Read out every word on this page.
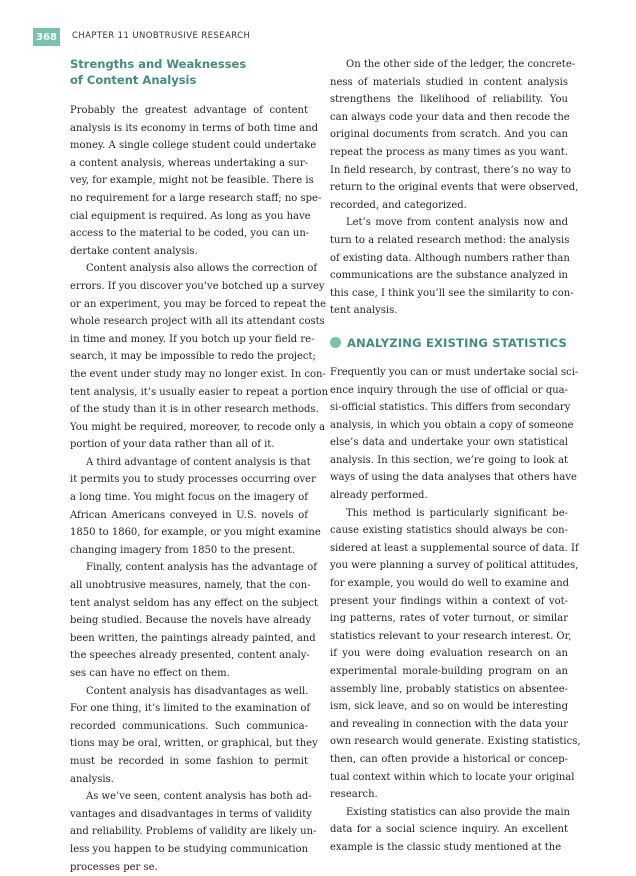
368	CHAPTER 11 UNOBTRUSIVE RESEARCH
Strengths and Weaknesses
of Content Analysis
Probably the greatest advantage of content
analysis is its economy in terms of both time and
money. A single college student could undertake
a content analysis, whereas undertaking a sur-
vey, for example, might not be feasible. There is
no requirement for a large research staff; no spe-
cial equipment is required. As long as you have
access to the material to be coded, you can un-
dertake content analysis.
Content analysis also allows the correction of
errors. If you discover you’ve botched up a survey
or an experiment, you may be forced to repeat the
whole research project with all its attendant costs
in time and money. If you botch up your field re-
search, it may be impossible to redo the project;
the event under study may no longer exist. In con-
tent analysis, it’s usually easier to repeat a portion
of the study than it is in other research methods.
You might be required, moreover, to recode only a
portion of your data rather than all of it.
A third advantage of content analysis is that
it permits you to study processes occurring over
a long time. You might focus on the imagery of
African Americans conveyed in U.S. novels of
1850 to 1860, for example, or you might examine
changing imagery from 1850 to the present.
Finally, content analysis has the advantage of
all unobtrusive measures, namely, that the con-
tent analyst seldom has any effect on the subject
being studied. Because the novels have already
been written, the paintings already painted, and
the speeches already presented, content analy-
ses can have no effect on them.
Content analysis has disadvantages as well.
For one thing, it’s limited to the examination of
recorded communications. Such communica-
tions may be oral, written, or graphical, but they
must be recorded in some fashion to permit
analysis.
As we’ve seen, content analysis has both ad-
vantages and disadvantages in terms of validity
and reliability. Problems of validity are likely un-
less you happen to be studying communication
processes per se.
On the other side of the ledger, the concrete-
ness of materials studied in content analysis
strengthens the likelihood of reliability. You
can always code your data and then recode the
original documents from scratch. And you can
repeat the process as many times as you want.
In field research, by contrast, there’s no way to
return to the original events that were observed,
recorded, and categorized.
Let’s move from content analysis now and
turn to a related research method: the analysis
of existing data. Although numbers rather than
communications are the substance analyzed in
this case, I think you’ll see the similarity to con-
tent analysis.
ANALYZING EXISTING STATISTICS
Frequently you can or must undertake social sci-
ence inquiry through the use of official or qua-
si-official statistics. This differs from secondary
analysis, in which you obtain a copy of someone
else’s data and undertake your own statistical
analysis. In this section, we’re going to look at
ways of using the data analyses that others have
already performed.
This method is particularly significant be-
cause existing statistics should always be con-
sidered at least a supplemental source of data. If
you were planning a survey of political attitudes,
for example, you would do well to examine and
present your findings within a context of vot-
ing patterns, rates of voter turnout, or similar
statistics relevant to your research interest. Or,
if you were doing evaluation research on an
experimental morale-building program on an
assembly line, probably statistics on absentee-
ism, sick leave, and so on would be interesting
and revealing in connection with the data your
own research would generate. Existing statistics,
then, can often provide a historical or concep-
tual context within which to locate your original
research.
Existing statistics can also provide the main
data for a social science inquiry. An excellent
example is the classic study mentioned at the
